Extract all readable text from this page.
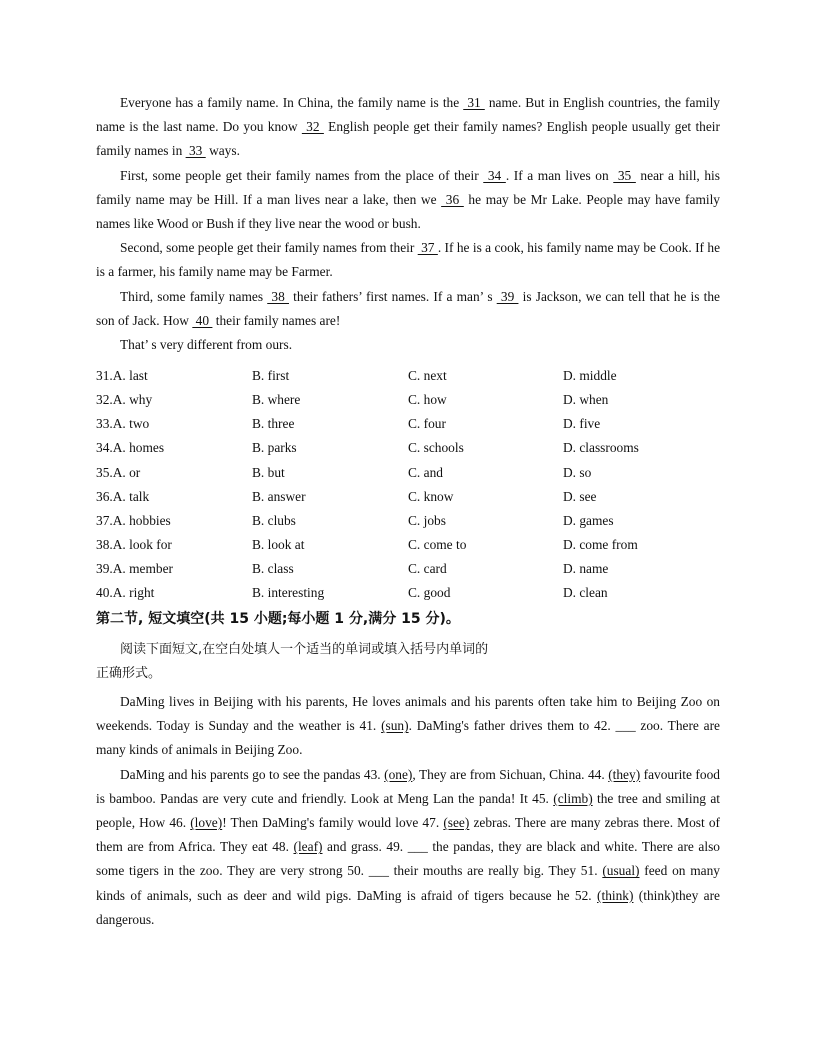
Everyone has a family name. In China, the family name is the  31  name. But in English countries, the family name is the last name. Do you know  32  English people get their family names? English people usually get their family names in  33  ways.

First, some people get their family names from the place of their  34 . If a man lives on  35  near a hill, his family name may be Hill. If a man lives near a lake, then we  36  he may be Mr Lake. People may have family names like Wood or Bush if they live near the wood or bush.

Second, some people get their family names from their  37 . If he is a cook, his family name may be Cook. If he is a farmer, his family name may be Farmer.

Third, some family names  38  their fathers’ first names. If a man’ s  39  is Jackson, we can tell that he is the son of Jack. How  40  their family names are!

That’ s very different from ours.

31.A. last	B. first	C. next	D. middle
32.A. why	B. where	C. how	D. when
33.A. two	B. three	C. four	D. five
34.A. homes	B. parks	C. schools	D. classrooms
35.A. or	B. but	C. and	D. so
36.A. talk	B. answer	C. know	D. see
37.A. hobbies	B. clubs	C. jobs	D. games
38.A. look for	B. look at	C. come to	D. come from
39.A. member	B. class	C. card	D. name
40.A. right	B. interesting	C. good	D. clean
第二节, 短文填空(共 15 小题;每小题 1 分,满分 15 分)。

阅读下面短文,在空白处填人一个适当的单词或填入括号内单词的

正确形式。

DaMing lives in Beijing with his parents, He loves animals and his parents often take him to Beijing Zoo on weekends. Today is Sunday and the weather is 41. (sun). DaMing's father drives them to 42. ___ zoo. There are many kinds of animals in Beijing Zoo.

DaMing and his parents go to see the pandas 43. (one), They are from Sichuan, China. 44. (they) favourite food is bamboo. Pandas are very cute and friendly. Look at Meng Lan the panda! It 45. (climb) the tree and smiling at people, How 46. (love)! Then DaMing's family would love 47. (see) zebras. There are many zebras there. Most of them are from Africa. They eat 48. (leaf) and grass. 49. ___ the pandas, they are black and white. There are also some tigers in the zoo. They are very strong 50. ___ their mouths are really big. They 51. (usual) feed on many kinds of animals, such as deer and wild pigs. DaMing is afraid of tigers because he 52. (think) (think)they are dangerous.
